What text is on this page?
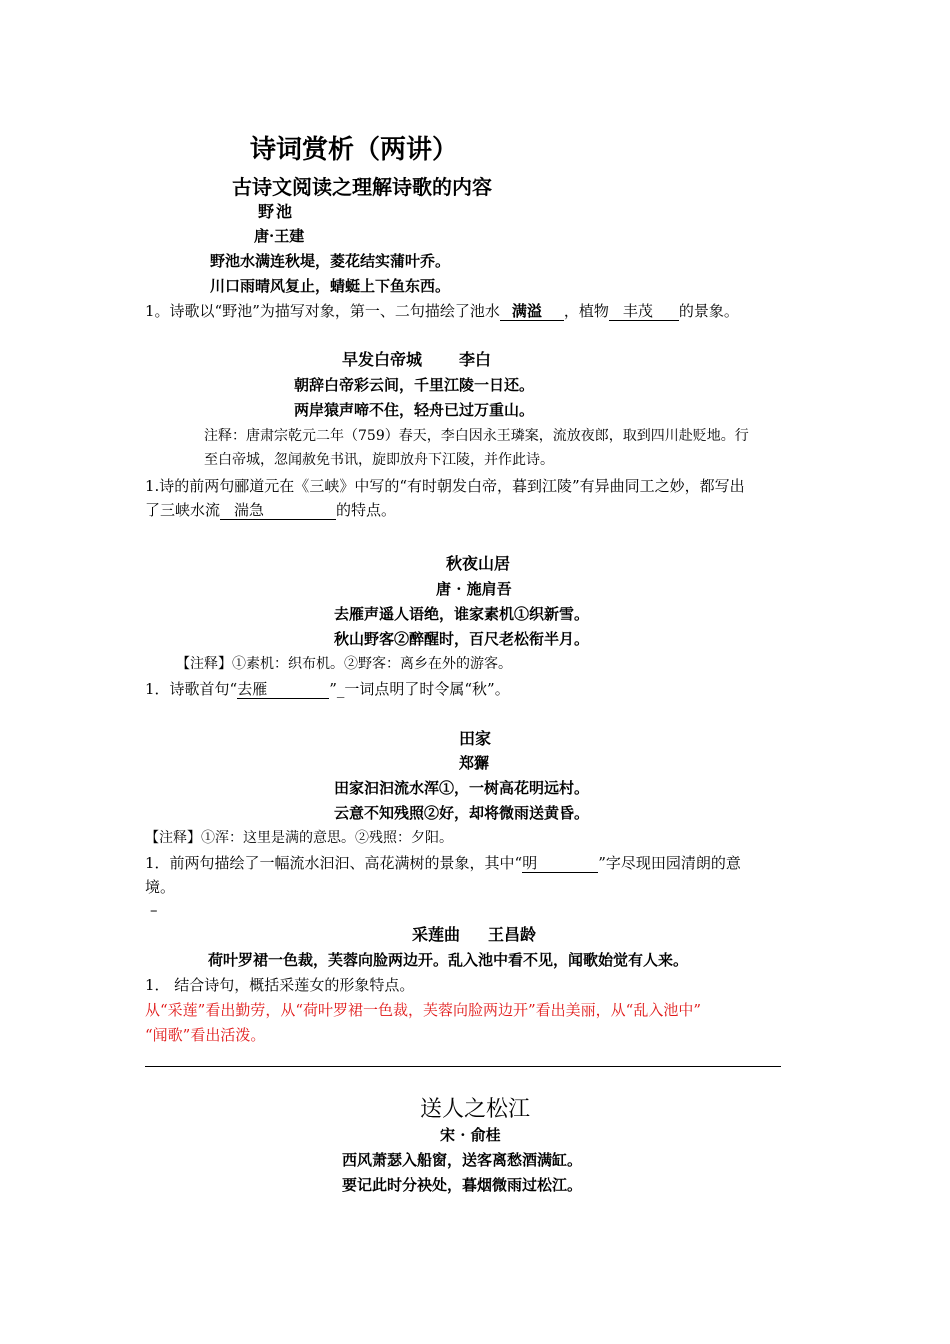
诗词赏析（两讲）
古诗文阅读之理解诗歌的内容
野池
唐·王建
野池水满连秋堤，菱花结实蒲叶乔。
川口雨晴风复止，蜻蜓上下鱼东西。
1。诗歌以“野池”为描写对象，第一、二句描绘了池水 满溢 ，植物 丰茂 的景象。
早发白帝城 李白
朝辞白帝彩云间，千里江陵一日还。
两岸猿声啼不住，轻舟已过万重山。
注释：唐肃宗乾元二年（759）春天，李白因永王璘案，流放夜郎，取到四川赴贬地。行
至白帝城，忽闻赦免书讯，旋即放舟下江陵，并作此诗。
1.诗的前两句郦道元在《三峡》中写的“有时朝发白帝，暮到江陵”有异曲同工之妙，都写出
了三峡水流 湍急	的特点。
秋夜山居
唐 · 施肩吾
去雁声遥人语绝，谁家素机①织新雪。
秋山野客②醉醒时，百尺老松衔半月。
【注释】①素机：织布机。②野客：离乡在外的游客。
1．诗歌首句“去雁	”_一词点明了时令属“秋”。
田家
郑獬
田家汩汩流水浑①，一树高花明远村。
云意不知残照②好，却将微雨送黄昏。
【注释】①浑：这里是满的意思。②残照：夕阳。
1．前两句描绘了一幅流水汩汩、高花满树的景象，其中“明	”字尽现田园清朗的意
境。
–
采莲曲 王昌龄
荷叶罗裙一色裁，芙蓉向脸两边开。乱入池中看不见，闻歌始觉有人来。
1． 结合诗句，概括采莲女的形象特点。
从“采莲”看出勤劳，从“荷叶罗裙一色裁，芙蓉向脸两边开”看出美丽，从“乱入池中”
“闻歌”看出活泼。
送人之松江
宋 · 俞桂
西风萧瑟入船窗，送客离愁酒满缸。
要记此时分袂处，暮烟微雨过松江。
